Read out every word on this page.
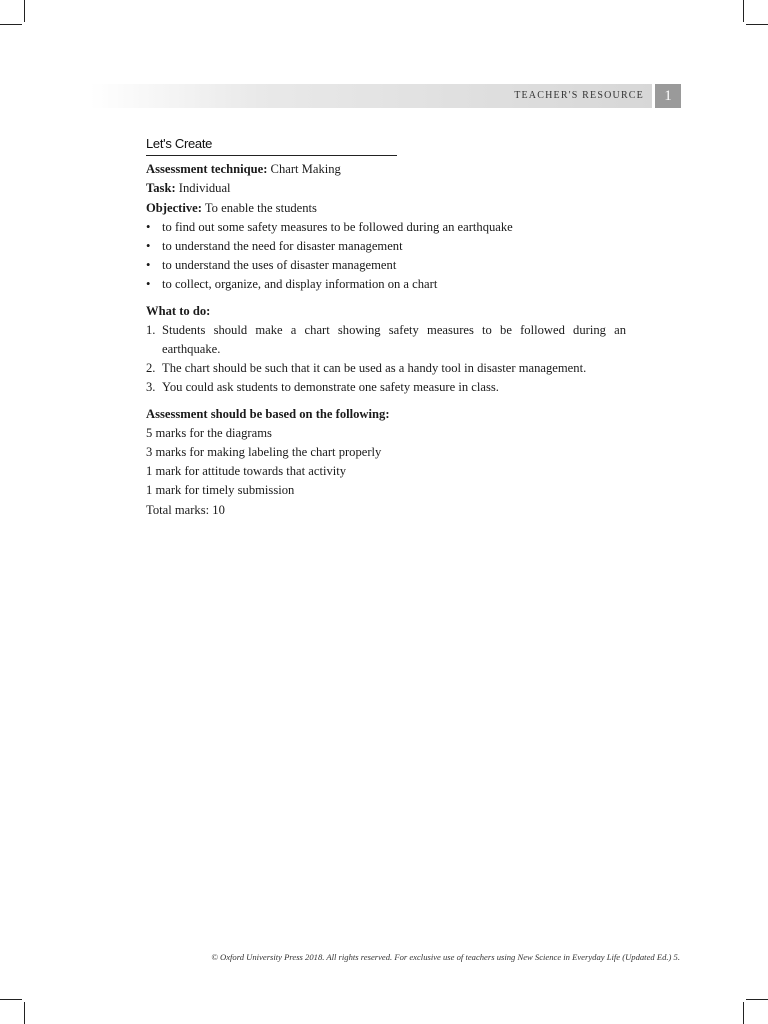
TEACHER'S RESOURCE	1
Let's Create
Assessment technique: Chart Making
Task: Individual
Objective: To enable the students
• to find out some safety measures to be followed during an earthquake
• to understand the need for disaster management
• to understand the uses of disaster management
• to collect, organize, and display information on a chart
What to do:
1. Students should make a chart showing safety measures to be followed during an earthquake.
2. The chart should be such that it can be used as a handy tool in disaster management.
3. You could ask students to demonstrate one safety measure in class.
Assessment should be based on the following:
5 marks for the diagrams
3 marks for making labeling the chart properly
1 mark for attitude towards that activity
1 mark for timely submission
Total marks: 10
© Oxford University Press 2018. All rights reserved. For exclusive use of teachers using New Science in Everyday Life (Updated Ed.) 5.
